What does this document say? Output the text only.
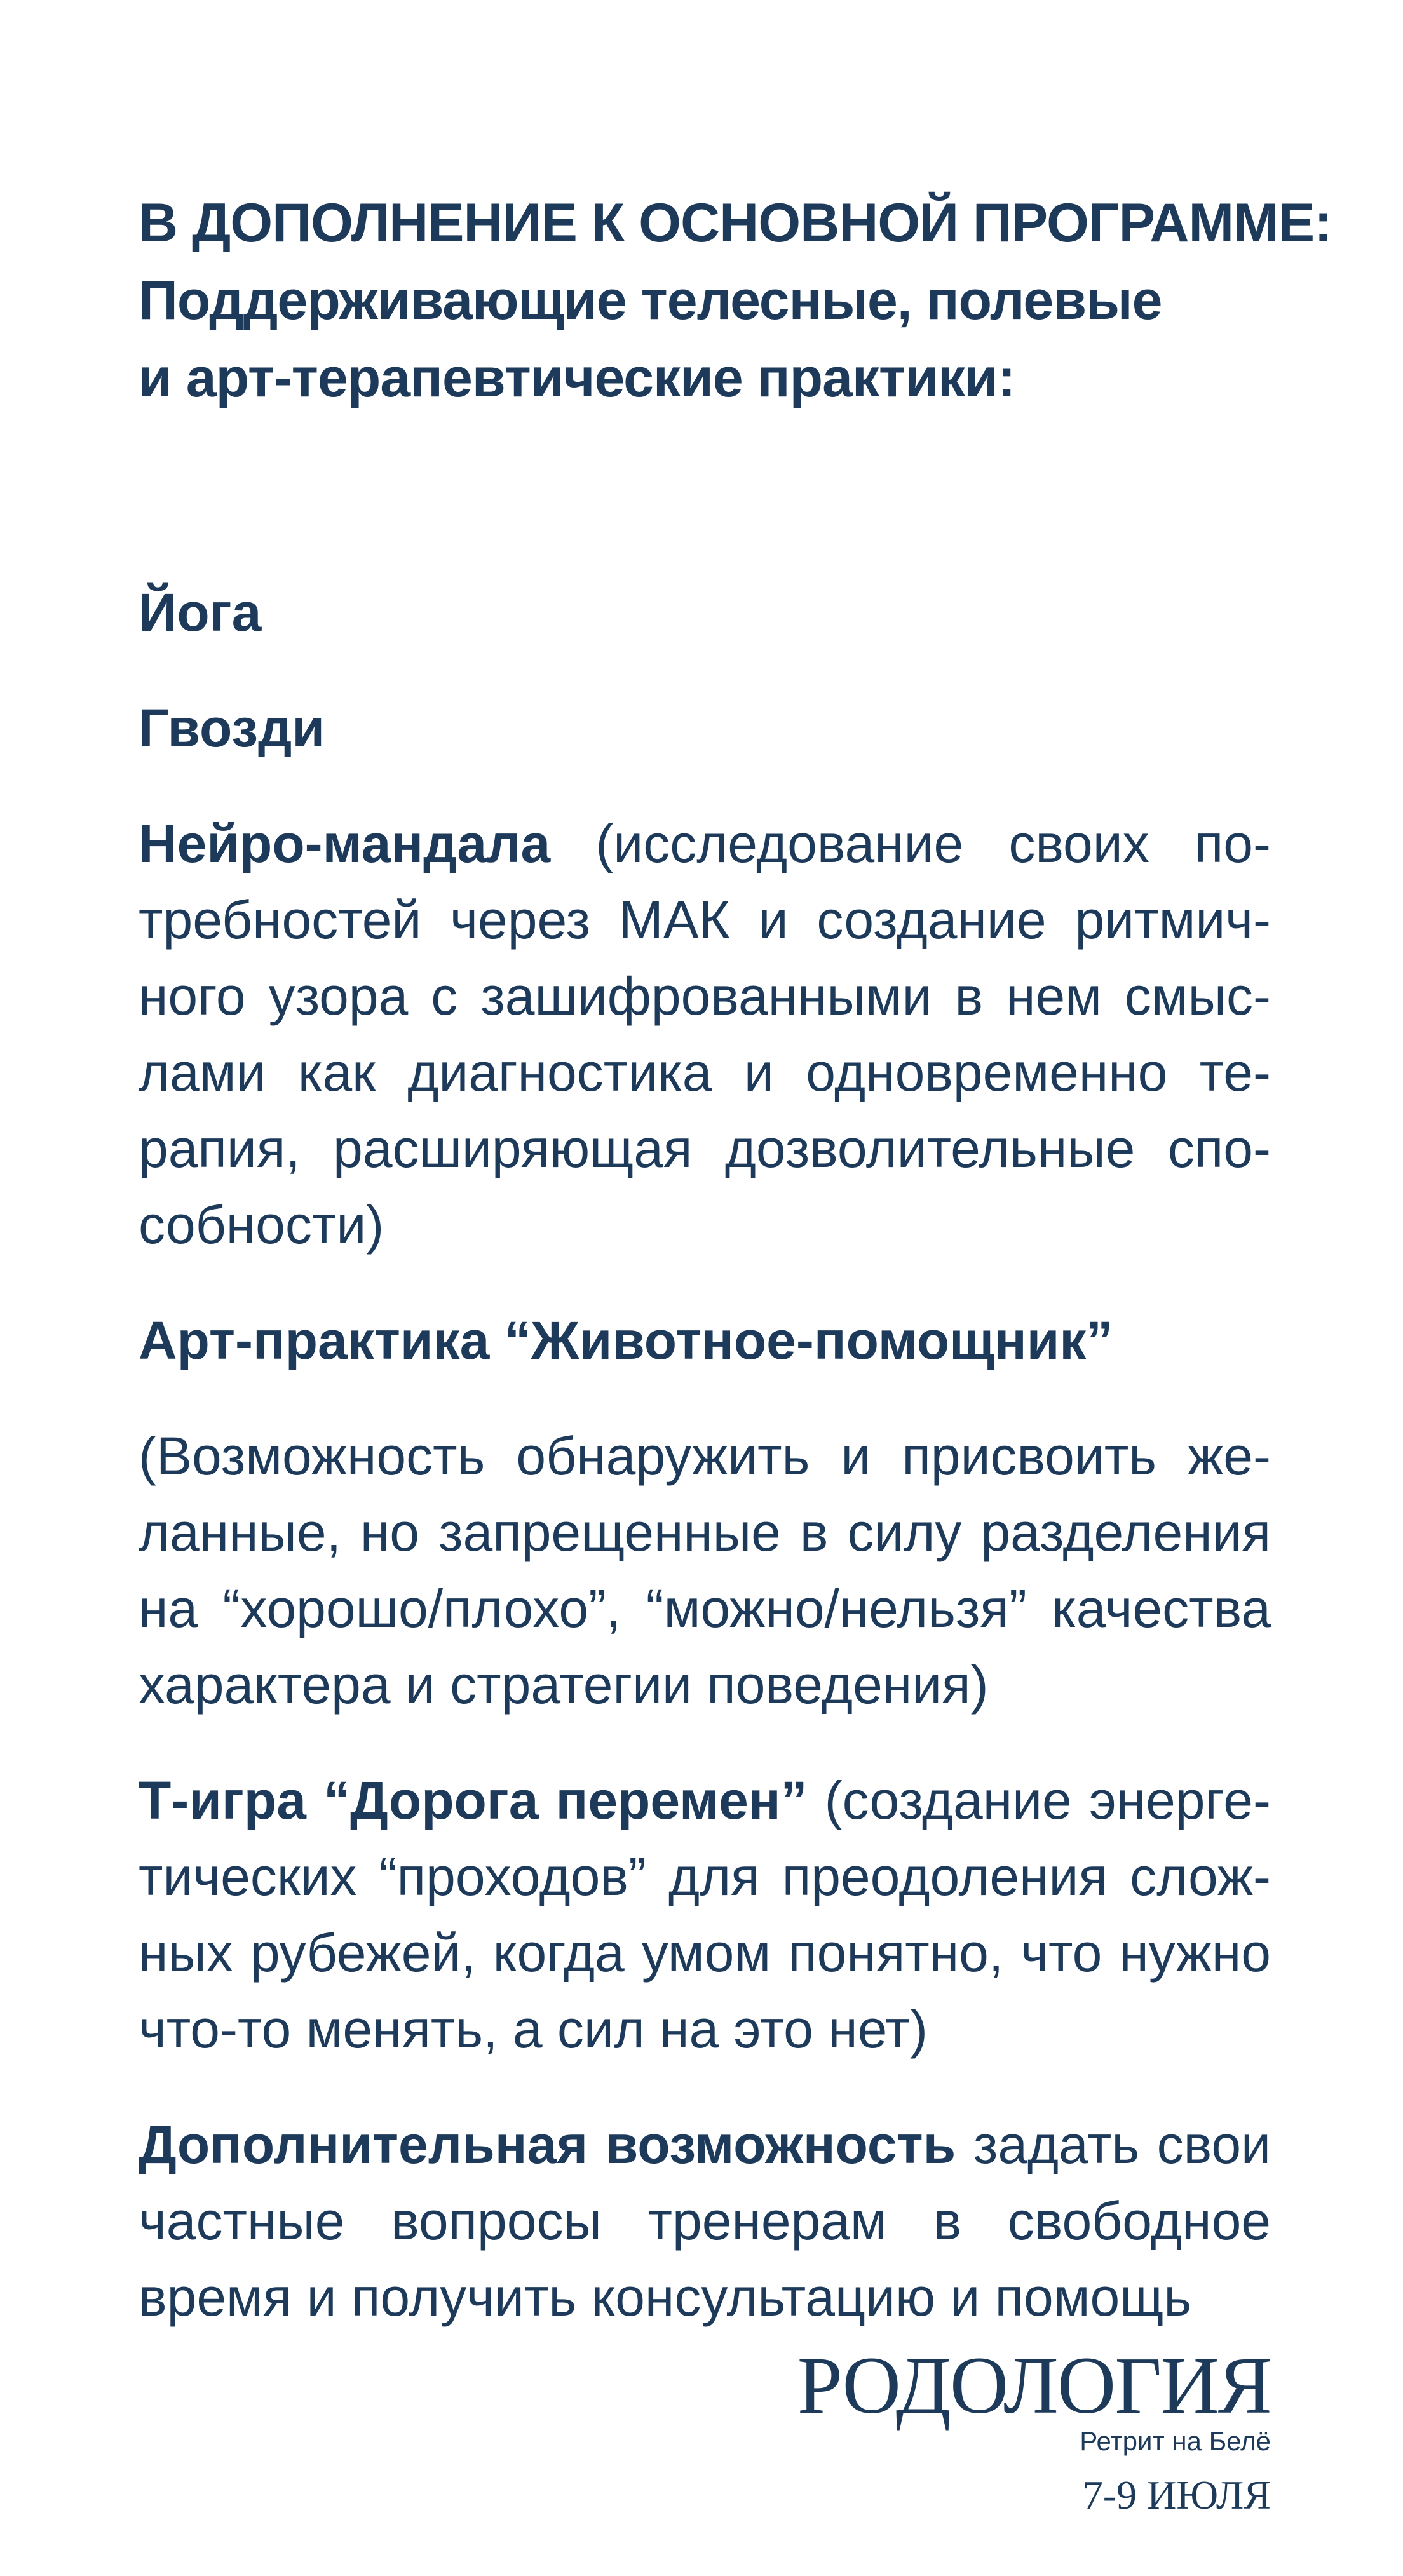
В ДОПОЛНЕНИЕ К ОСНОВНОЙ ПРОГРАММЕ:
Поддерживающие телесные, полевые
и арт-терапевтические практики:

Йога

Гвозди

Нейро-мандала (исследование своих потребностей через МАК и создание ритмичного узора с зашифрованными в нем смыслами как диагностика и одновременно терапия, расширяющая дозволительные способности)

Арт-практика “Животное-помощник”

(Возможность обнаружить и присвоить желанные, но запрещенные в силу разделения на “хорошо/плохо”, “можно/нельзя” качества характера и стратегии поведения)

Т-игра “Дорога перемен” (создание энергетических “проходов” для преодоления сложных рубежей, когда умом понятно, что нужно что-то менять, а сил на это нет)

Дополнительная возможность задать свои частные вопросы тренерам в свободное время и получить консультацию и помощь

РОДОЛОГИЯ
Ретрит на Белё
7-9 ИЮЛЯ
